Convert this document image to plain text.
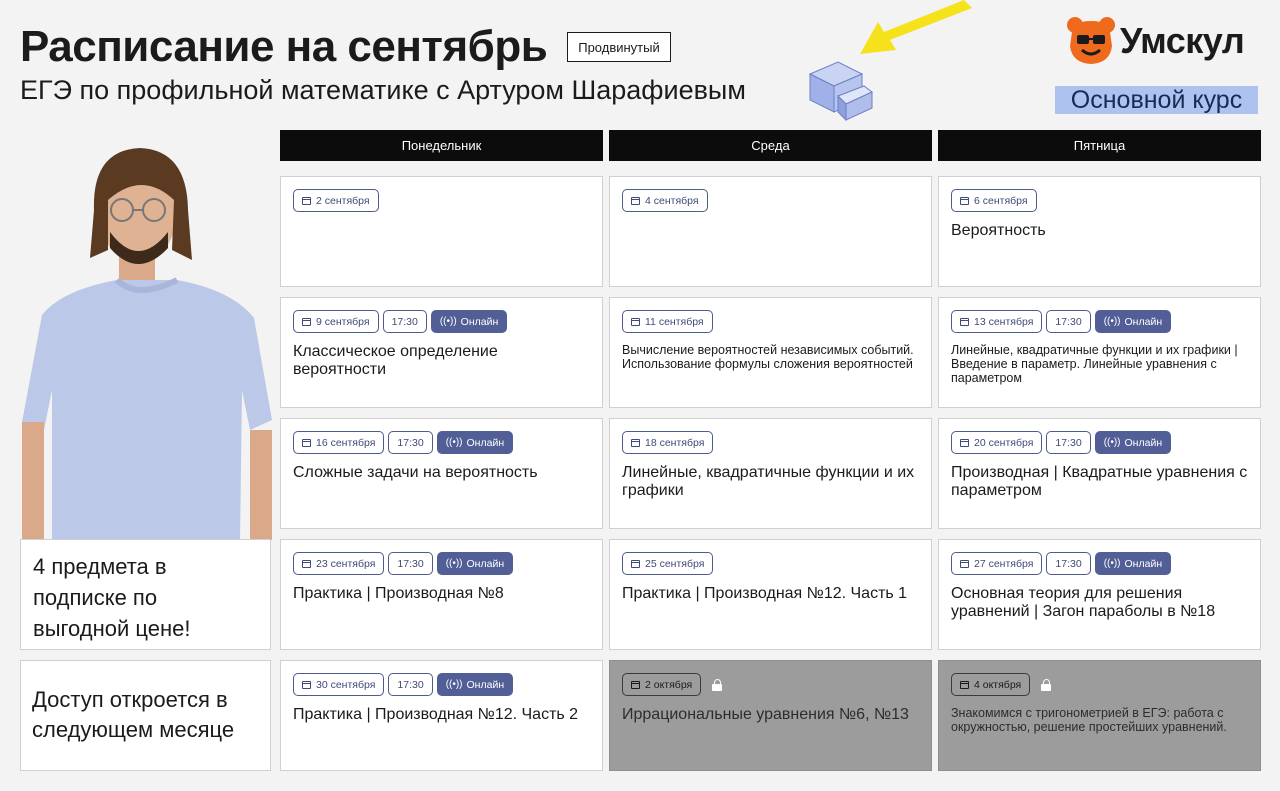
Расписание на сентябрь	Продвинутый
ЕГЭ по профильной математике с Артуром Шарафиевым
Умскул
Основной курс
Понедельник	Среда	Пятница
2 сентября	4 сентября	6 сентября
Вероятность
9 сентября	17:30	((•)) Онлайн
Классическое определение вероятности
11 сентября
Вычисление вероятностей независимых событий. Использование формулы сложения вероятностей
13 сентября	17:30	((•)) Онлайн
Линейные, квадратичные функции и их графики | Введение в параметр. Линейные уравнения с параметром
16 сентября	17:30	((•)) Онлайн
Сложные задачи на вероятность
18 сентября
Линейные, квадратичные функции и их графики
20 сентября	17:30	((•)) Онлайн
Производная | Квадратные уравнения с параметром
4 предмета в подписке по выгодной цене!
23 сентября	17:30	((•)) Онлайн
Практика | Производная №8
25 сентября
Практика | Производная №12. Часть 1
27 сентября	17:30	((•)) Онлайн
Основная теория для решения уравнений | Загон параболы в №18
Доступ откроется в следующем месяце
30 сентября	17:30	((•)) Онлайн
Практика | Производная №12. Часть 2
2 октября
Иррациональные уравнения №6, №13
4 октября
Знакомимся с тригонометрией в ЕГЭ: работа с окружностью, решение простейших уравнений.
